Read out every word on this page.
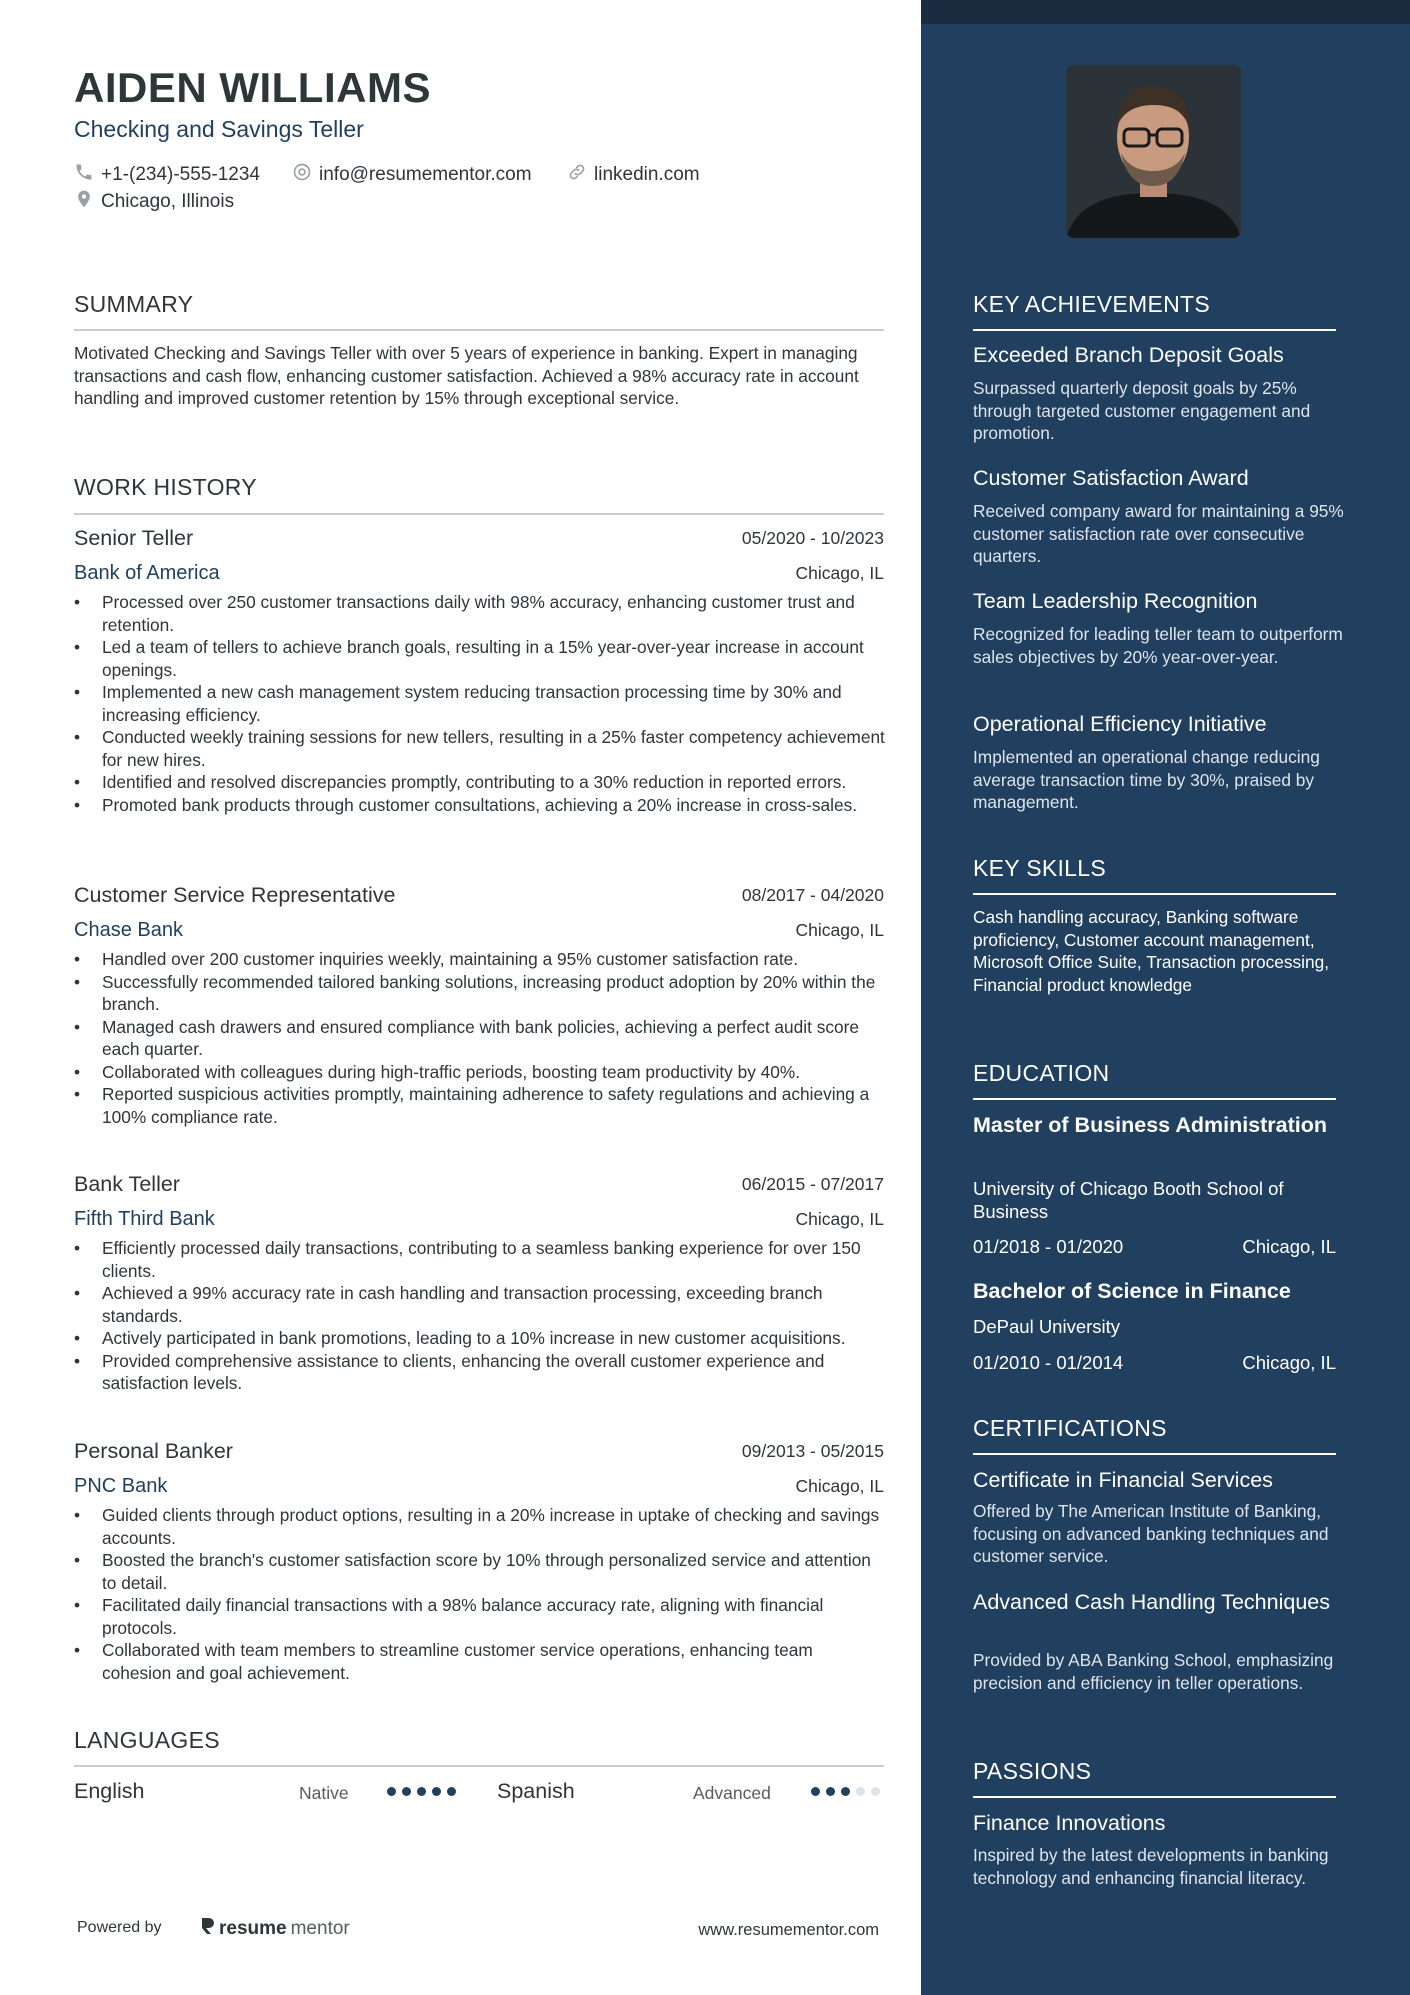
AIDEN WILLIAMS
Checking and Savings Teller
+1-(234)-555-1234	info@resumementor.com	linkedin.com
Chicago, Illinois
SUMMARY
Motivated Checking and Savings Teller with over 5 years of experience in banking. Expert in managing transactions and cash flow, enhancing customer satisfaction. Achieved a 98% accuracy rate in account handling and improved customer retention by 15% through exceptional service.
WORK HISTORY
Senior Teller	05/2020 - 10/2023
Bank of America	Chicago, IL
• Processed over 250 customer transactions daily with 98% accuracy, enhancing customer trust and retention.
• Led a team of tellers to achieve branch goals, resulting in a 15% year-over-year increase in account openings.
• Implemented a new cash management system reducing transaction processing time by 30% and increasing efficiency.
• Conducted weekly training sessions for new tellers, resulting in a 25% faster competency achievement for new hires.
• Identified and resolved discrepancies promptly, contributing to a 30% reduction in reported errors.
• Promoted bank products through customer consultations, achieving a 20% increase in cross-sales.
Customer Service Representative	08/2017 - 04/2020
Chase Bank	Chicago, IL
• Handled over 200 customer inquiries weekly, maintaining a 95% customer satisfaction rate.
• Successfully recommended tailored banking solutions, increasing product adoption by 20% within the branch.
• Managed cash drawers and ensured compliance with bank policies, achieving a perfect audit score each quarter.
• Collaborated with colleagues during high-traffic periods, boosting team productivity by 40%.
• Reported suspicious activities promptly, maintaining adherence to safety regulations and achieving a 100% compliance rate.
Bank Teller	06/2015 - 07/2017
Fifth Third Bank	Chicago, IL
• Efficiently processed daily transactions, contributing to a seamless banking experience for over 150 clients.
• Achieved a 99% accuracy rate in cash handling and transaction processing, exceeding branch standards.
• Actively participated in bank promotions, leading to a 10% increase in new customer acquisitions.
• Provided comprehensive assistance to clients, enhancing the overall customer experience and satisfaction levels.
Personal Banker	09/2013 - 05/2015
PNC Bank	Chicago, IL
• Guided clients through product options, resulting in a 20% increase in uptake of checking and savings accounts.
• Boosted the branch's customer satisfaction score by 10% through personalized service and attention to detail.
• Facilitated daily financial transactions with a 98% balance accuracy rate, aligning with financial protocols.
• Collaborated with team members to streamline customer service operations, enhancing team cohesion and goal achievement.
LANGUAGES
English	Native	Spanish	Advanced
Powered by	resume mentor	www.resumementor.com
KEY ACHIEVEMENTS
Exceeded Branch Deposit Goals
Surpassed quarterly deposit goals by 25% through targeted customer engagement and promotion.
Customer Satisfaction Award
Received company award for maintaining a 95% customer satisfaction rate over consecutive quarters.
Team Leadership Recognition
Recognized for leading teller team to outperform sales objectives by 20% year-over-year.
Operational Efficiency Initiative
Implemented an operational change reducing average transaction time by 30%, praised by management.
KEY SKILLS
Cash handling accuracy, Banking software proficiency, Customer account management, Microsoft Office Suite, Transaction processing, Financial product knowledge
EDUCATION
Master of Business Administration
University of Chicago Booth School of Business
01/2018 - 01/2020	Chicago, IL
Bachelor of Science in Finance
DePaul University
01/2010 - 01/2014	Chicago, IL
CERTIFICATIONS
Certificate in Financial Services
Offered by The American Institute of Banking, focusing on advanced banking techniques and customer service.
Advanced Cash Handling Techniques
Provided by ABA Banking School, emphasizing precision and efficiency in teller operations.
PASSIONS
Finance Innovations
Inspired by the latest developments in banking technology and enhancing financial literacy.
